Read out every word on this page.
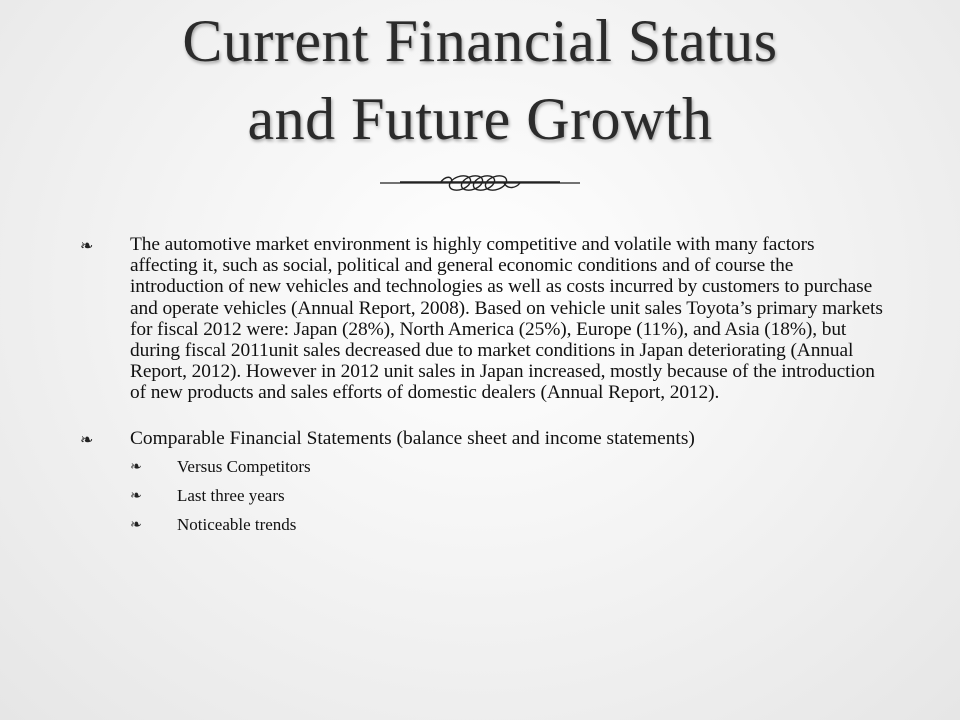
Current Financial Status
and Future Growth
❧	The automotive market environment is highly competitive and volatile with many factors affecting it, such as social, political and general economic conditions and of course the introduction of new vehicles and technologies as well as costs incurred by customers to purchase and operate vehicles (Annual Report, 2008). Based on vehicle unit sales Toyota’s primary markets for fiscal 2012 were: Japan (28%), North America (25%), Europe (11%), and Asia (18%), but during fiscal 2011unit sales decreased due to market conditions in Japan deteriorating (Annual Report, 2012). However in 2012 unit sales in Japan increased, mostly because of the introduction of new products and sales efforts of domestic dealers (Annual Report, 2012).
❧	Comparable Financial Statements (balance sheet and income statements)
❧	Versus Competitors
❧	Last three years
❧	Noticeable trends
